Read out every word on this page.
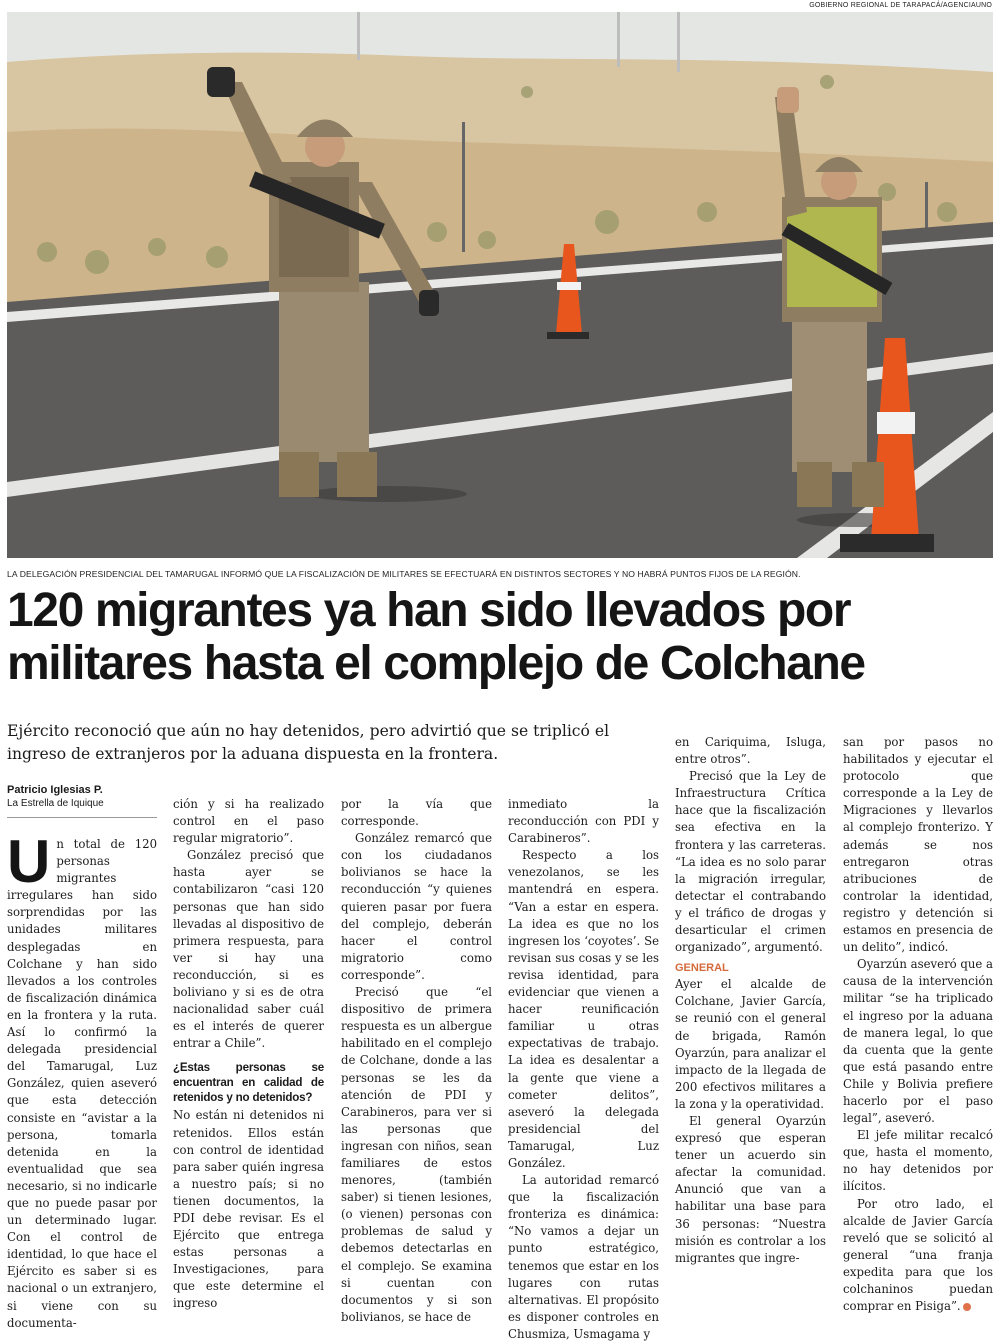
GOBIERNO REGIONAL DE TARAPACÁ/AGENCIAUNO
LA DELEGACIÓN PRESIDENCIAL DEL TAMARUGAL INFORMÓ QUE LA FISCALIZACIÓN DE MILITARES SE EFECTUARÁ EN DISTINTOS SECTORES Y NO HABRÁ PUNTOS FIJOS DE LA REGIÓN.
120 migrantes ya han sido llevados por
militares hasta el complejo de Colchane
Ejército reconoció que aún no hay detenidos, pero advirtió que se triplicó el
ingreso de extranjeros por la aduana dispuesta en la frontera.
Patricio Iglesias P.
La Estrella de Iquique
U n total de 120 personas migrantes irregulares han sido sorprendidas por las unidades militares desplegadas en Colchane y han sido llevados a los controles de fiscalización dinámica en la frontera y la ruta. Así lo confirmó la delegada presidencial del Tamarugal, Luz González, quien aseveró que esta detección consiste en “avistar a la persona, tomarla detenida en la eventualidad que sea necesario, si no indicarle que no puede pasar por un determinado lugar. Con el control de identidad, lo que hace el Ejército es saber si es nacional o un extranjero, si viene con su documenta-

ción y si ha realizado control en el paso regular migratorio”.

González precisó que hasta ayer se contabilizaron “casi 120 personas que han sido llevadas al dispositivo de primera respuesta, para ver si hay una reconducción, si es boliviano y si es de otra nacionalidad saber cuál es el interés de querer entrar a Chile”.

¿Estas personas se encuentran en calidad de retenidos y no detenidos?

No están ni detenidos ni retenidos. Ellos están con control de identidad para saber quién ingresa a nuestro país; si no tienen documentos, la PDI debe revisar. Es el Ejército que entrega estas personas a Investigaciones, para que este determine el ingreso

por la vía que corresponde.

González remarcó que con los ciudadanos bolivianos se hace la reconducción “y quienes quieren pasar por fuera del complejo, deberán hacer el control migratorio como corresponde”.

Precisó que “el dispositivo de primera respuesta es un albergue habilitado en el complejo de Colchane, donde a las personas se les da atención de PDI y Carabineros, para ver si las personas que ingresan con niños, sean familiares de estos menores, (también saber) si tienen lesiones, (o vienen) personas con problemas de salud y debemos detectarlas en el complejo. Se examina si cuentan con documentos y si son bolivianos, se hace de

inmediato la reconducción con PDI y Carabineros”.

Respecto a los venezolanos, se les mantendrá en espera. “Van a estar en espera. La idea es que no los ingresen los ‘coyotes’. Se revisan sus cosas y se les revisa identidad, para evidenciar que vienen a hacer reunificación familiar u otras expectativas de trabajo. La idea es desalentar a la gente que viene a cometer delitos”, aseveró la delegada presidencial del Tamarugal, Luz González.

La autoridad remarcó que la fiscalización fronteriza es dinámica: “No vamos a dejar un punto estratégico, tenemos que estar en los lugares con rutas alternativas. El propósito es disponer controles en Chusmiza, Usmagama y

en Cariquima, Isluga, entre otros”.

Precisó que la Ley de Infraestructura Crítica hace que la fiscalización sea efectiva en la frontera y las carreteras. “La idea es no solo parar la migración irregular, detectar el contrabando y el tráfico de drogas y desarticular el crimen organizado”, argumentó.

GENERAL

Ayer el alcalde de Colchane, Javier García, se reunió con el general de brigada, Ramón Oyarzún, para analizar el impacto de la llegada de 200 efectivos militares a la zona y la operatividad.

El general Oyarzún expresó que esperan tener un acuerdo sin afectar la comunidad. Anunció que van a habilitar una base para 36 personas: “Nuestra misión es controlar a los migrantes que ingre-

san por pasos no habilitados y ejecutar el protocolo que corresponde a la Ley de Migraciones y llevarlos al complejo fronterizo. Y además se nos entregaron otras atribuciones de controlar la identidad, registro y detención si estamos en presencia de un delito”, indicó.

Oyarzún aseveró que a causa de la intervención militar “se ha triplicado el ingreso por la aduana de manera legal, lo que da cuenta que la gente que está pasando entre Chile y Bolivia prefiere hacerlo por el paso legal”, aseveró.

El jefe militar recalcó que, hasta el momento, no hay detenidos por ilícitos.

Por otro lado, el alcalde de Javier García reveló que se solicitó al general “una franja expedita para que los colchaninos puedan comprar en Pisiga”.
